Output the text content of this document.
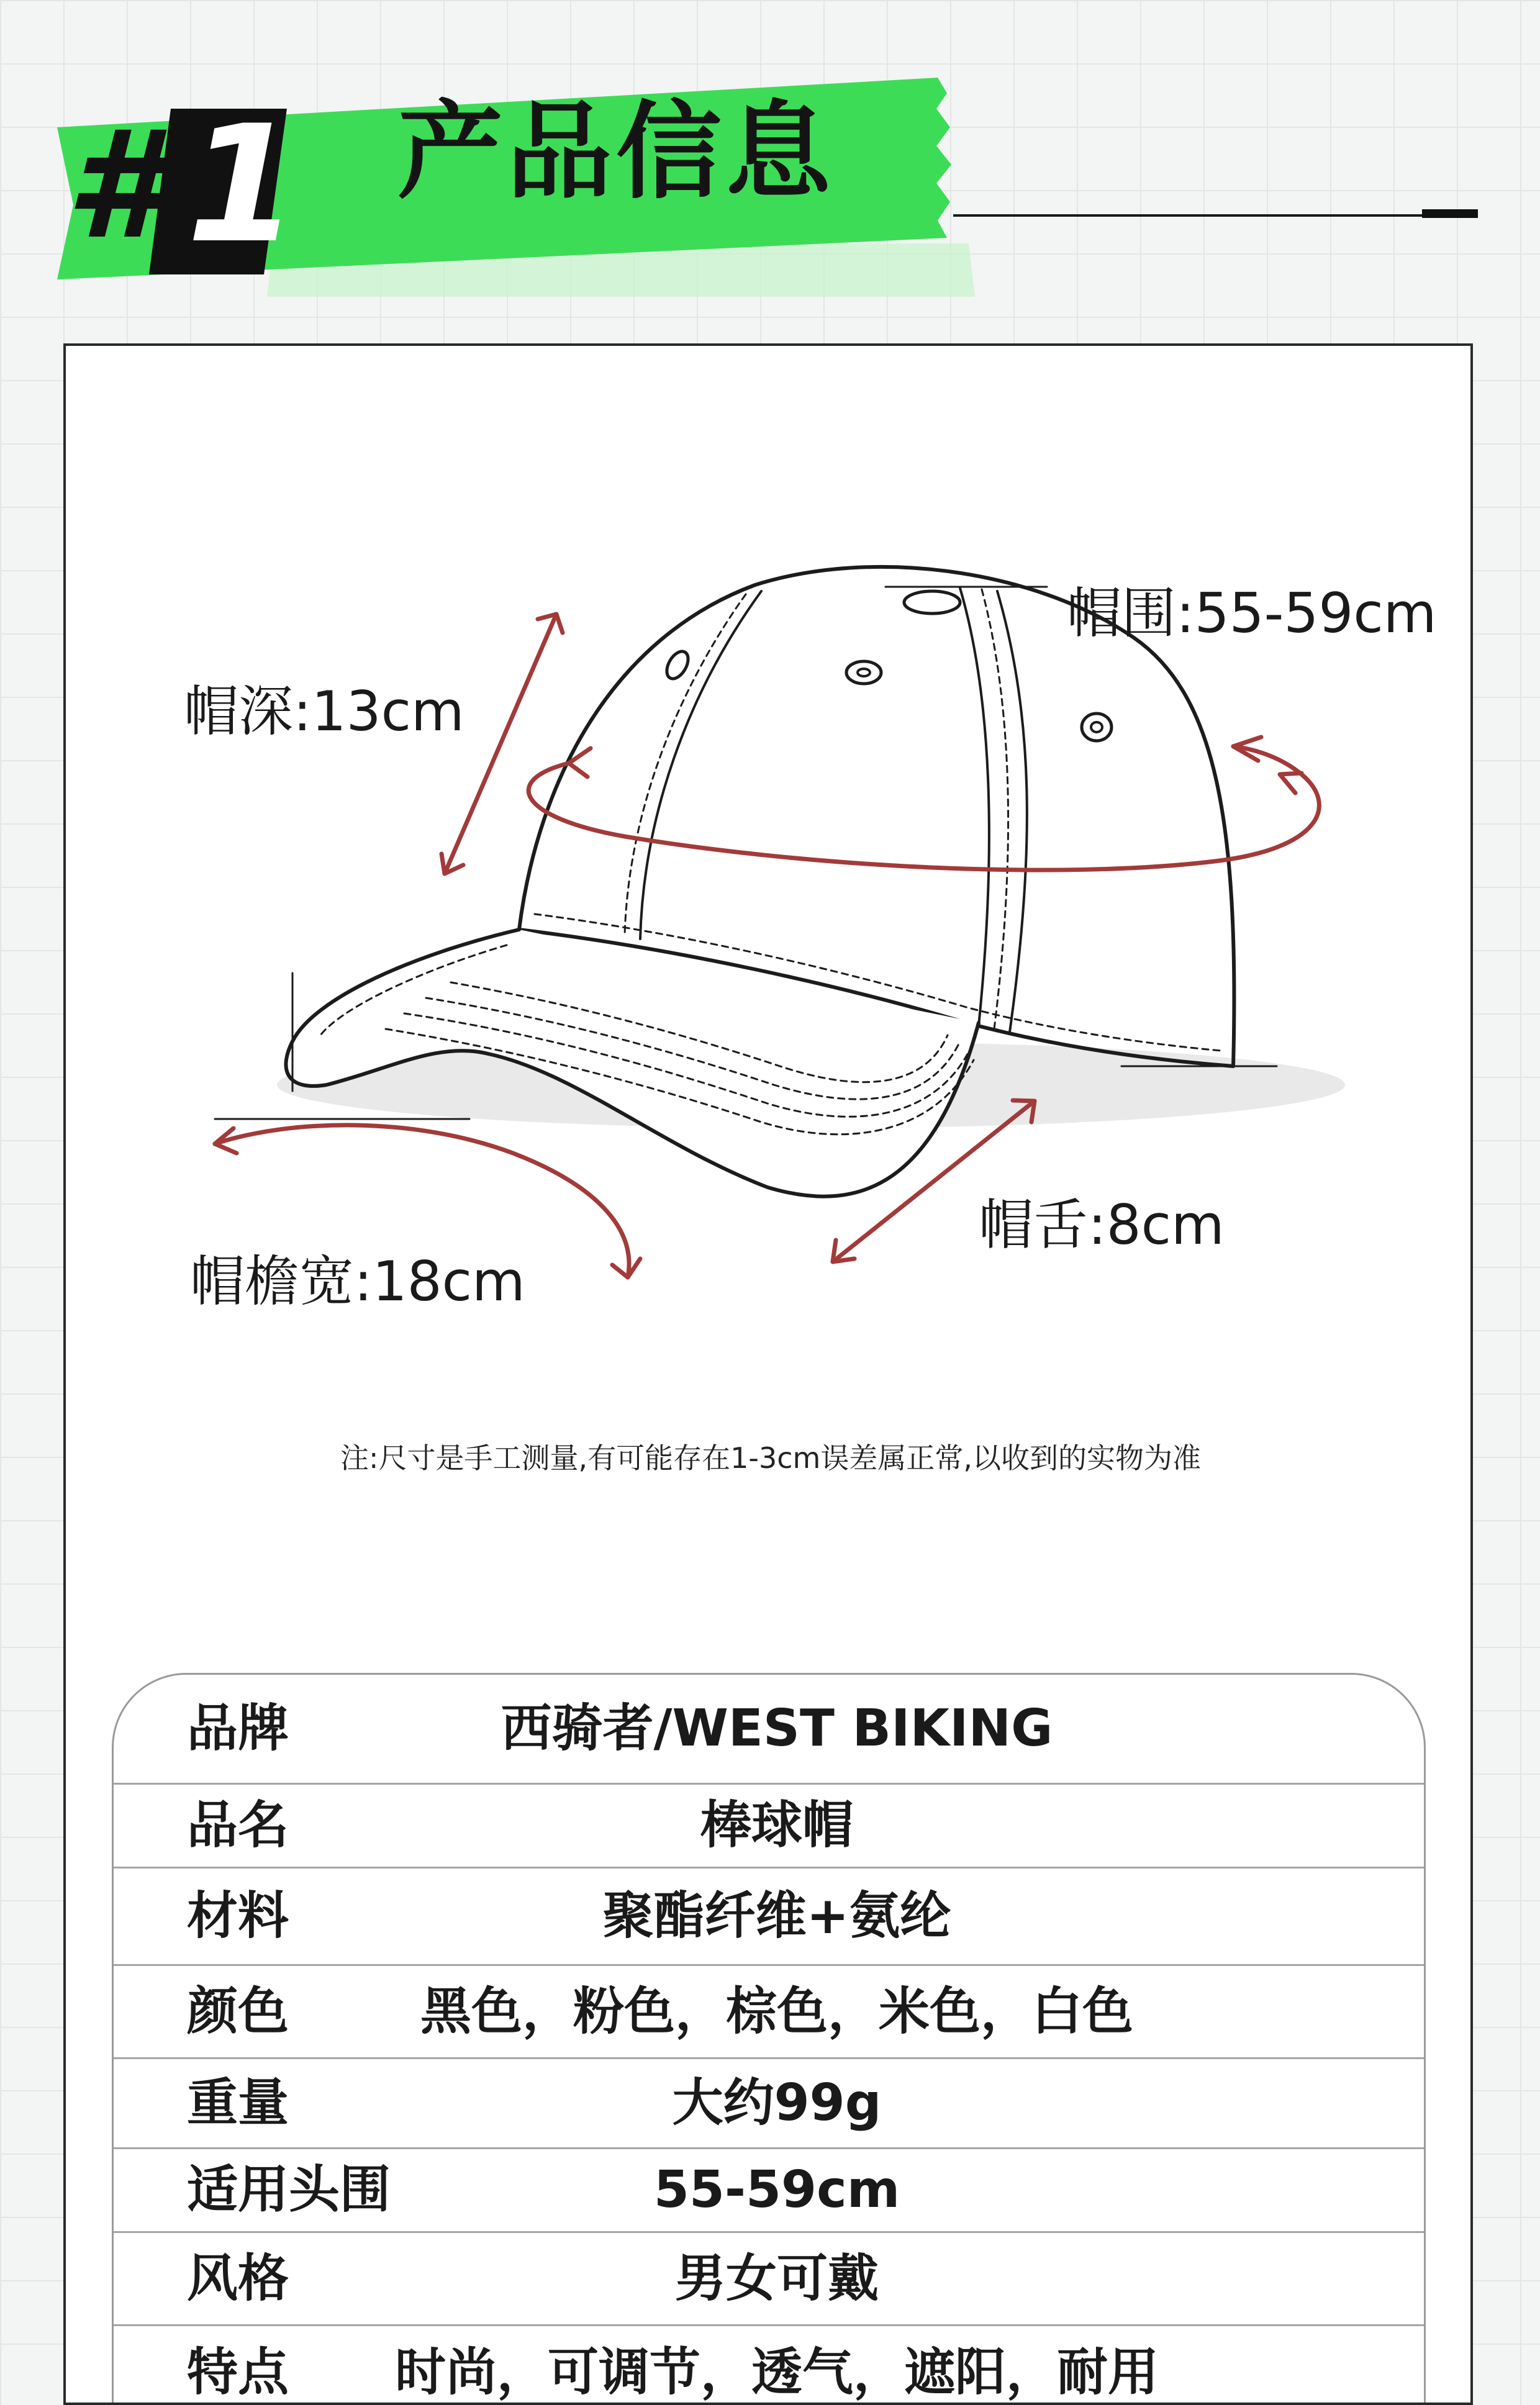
# 1 产品信息
帽深:13cm
帽围:55-59cm
帽檐宽:18cm
帽舌:8cm
注:尺寸是手工测量,有可能存在1-3cm误差属正常,以收到的实物为准
品牌	西骑者/WEST BIKING
品名	棒球帽
材料	聚酯纤维+氨纶
颜色	黑色，粉色，棕色，米色，白色
重量	大约99g
适用头围	55-59cm
风格	男女可戴
特点 时尚，可调节，透气，遮阳，耐用
